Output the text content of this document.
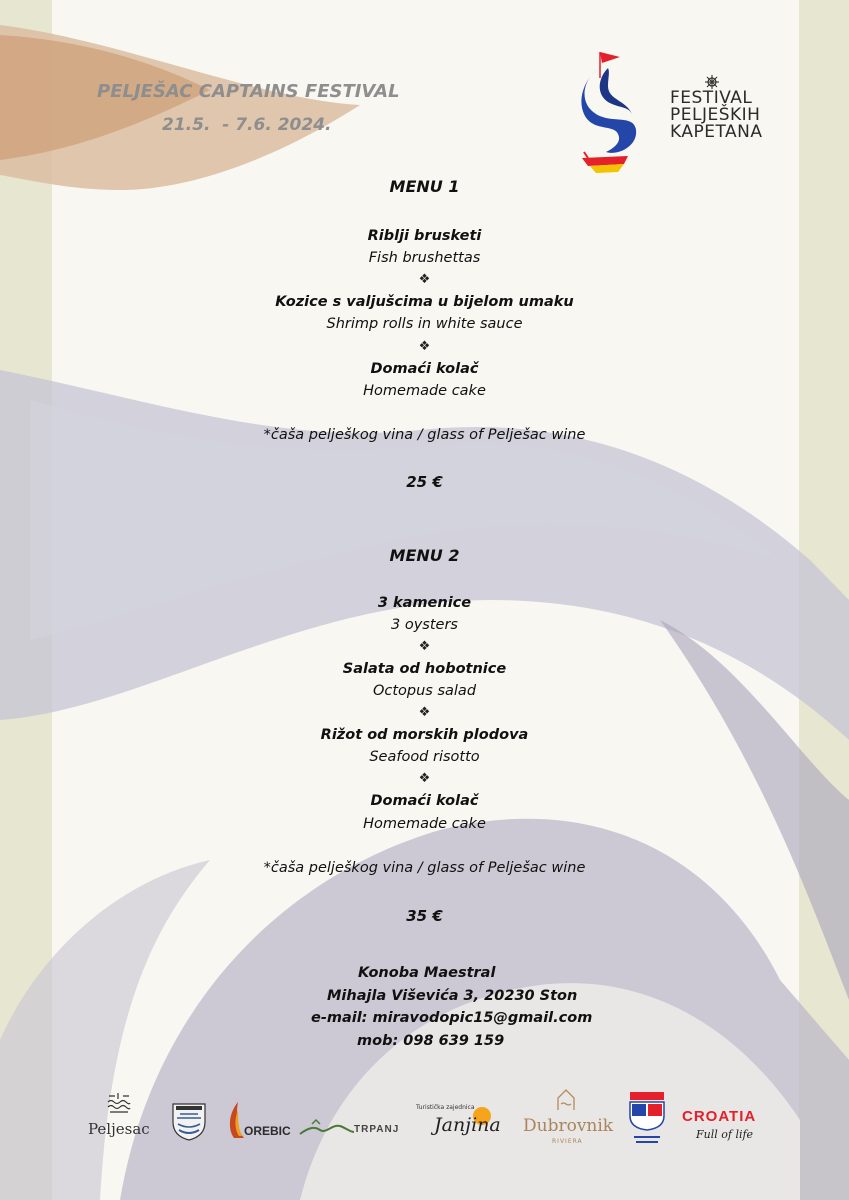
PELJEŠAC CAPTAINS FESTIVAL
21.5.  - 7.6. 2024.
FESTIVAL
PELJEŠKIH
KAPETANA
MENU 1
Riblji brusketi
Fish brushettas
❖
Kozice s valjušcima u bijelom umaku
Shrimp rolls in white sauce
❖
Domaći kolač
Homemade cake
*čaša pelješkog vina / glass of Pelješac wine
25 €
MENU 2
3 kamenice
3 oysters
❖
Salata od hobotnice
Octopus salad
❖
Rižot od morskih plodova
Seafood risotto
❖
Domaći kolač
Homemade cake
*čaša pelješkog vina / glass of Pelješac wine
35 €
Konoba Maestral
Mihajla Viševića 3, 20230 Ston
e-mail: miravodopic15@gmail.com
mob: 098 639 159
Peljesac	OREBIC	TRPANJ
Turistička zajednica
Janjina Dubrovnik
RIVIERA
CROATIA
Full of life
